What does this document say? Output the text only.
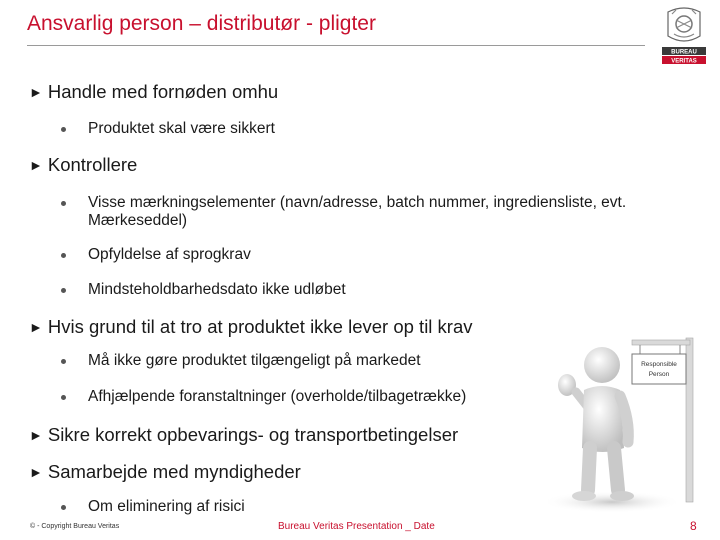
Ansvarlig person – distributør - pligter
BUREAU
VERITAS
► Handle med fornøden omhu
Produktet skal være sikkert
► Kontrollere
Visse mærkningselementer (navn/adresse, batch nummer, ingrediensliste, evt. Mærkeseddel)
Opfyldelse af sprogkrav
Mindsteholdbarhedsdato ikke udløbet
► Hvis grund til at tro at produktet ikke lever op til krav
Må ikke gøre produktet tilgængeligt på markedet
Afhjælpende foranstaltninger (overholde/tilbagetrække)
► Sikre korrekt opbevarings- og transportbetingelser
► Samarbejde med myndigheder
Om eliminering af risici
Responsible
Person
© - Copyright Bureau Veritas	Bureau Veritas Presentation _ Date	8
